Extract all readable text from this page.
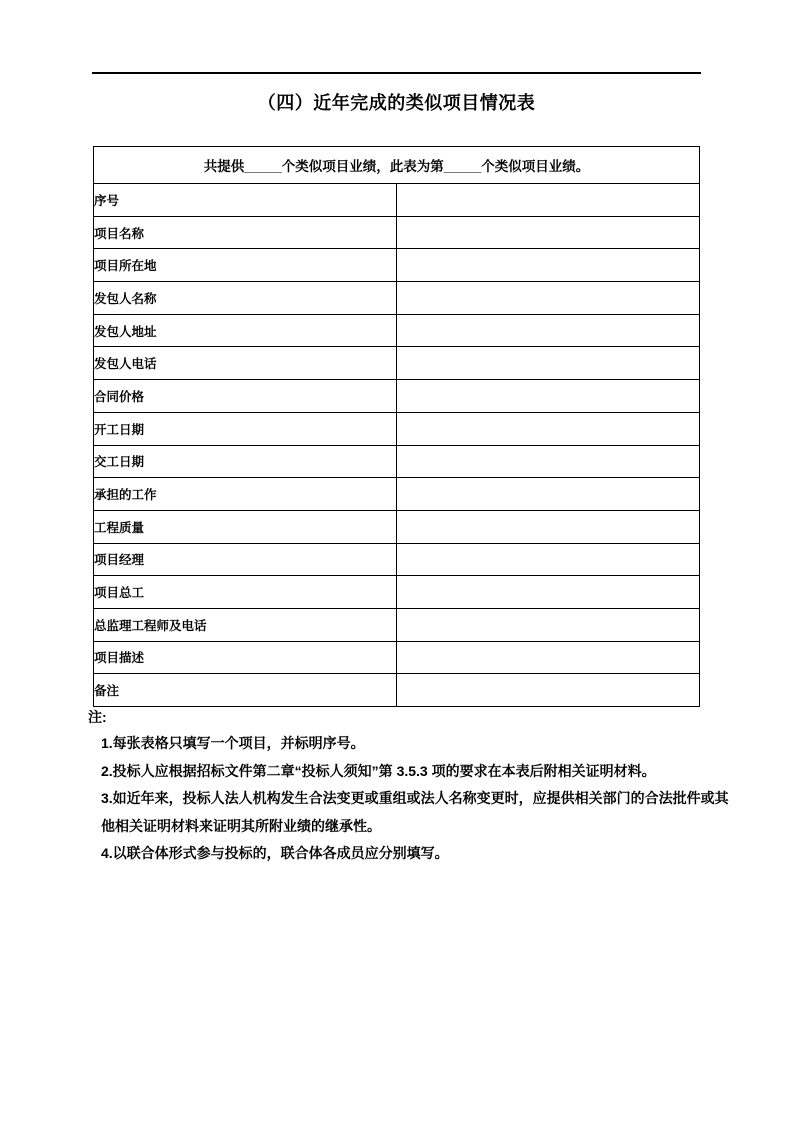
（四）近年完成的类似项目情况表
共提供_____个类似项目业绩，此表为第_____个类似项目业绩。	
序号	
项目名称	
项目所在地	
发包人名称	
发包人地址	
发包人电话	
合同价格	
开工日期	
交工日期	
承担的工作	
工程质量	
项目经理	
项目总工	
总监理工程师及电话	
项目描述	
备注	

注:

1.每张表格只填写一个项目，并标明序号。

2.投标人应根据招标文件第二章“投标人须知”第 3.5.3 项的要求在本表后附相关证明材料。

3.如近年来，投标人法人机构发生合法变更或重组或法人名称变更时，应提供相关部门的合法批件或其他相关证明材料来证明其所附业绩的继承性。

4.以联合体形式参与投标的，联合体各成员应分别填写。
